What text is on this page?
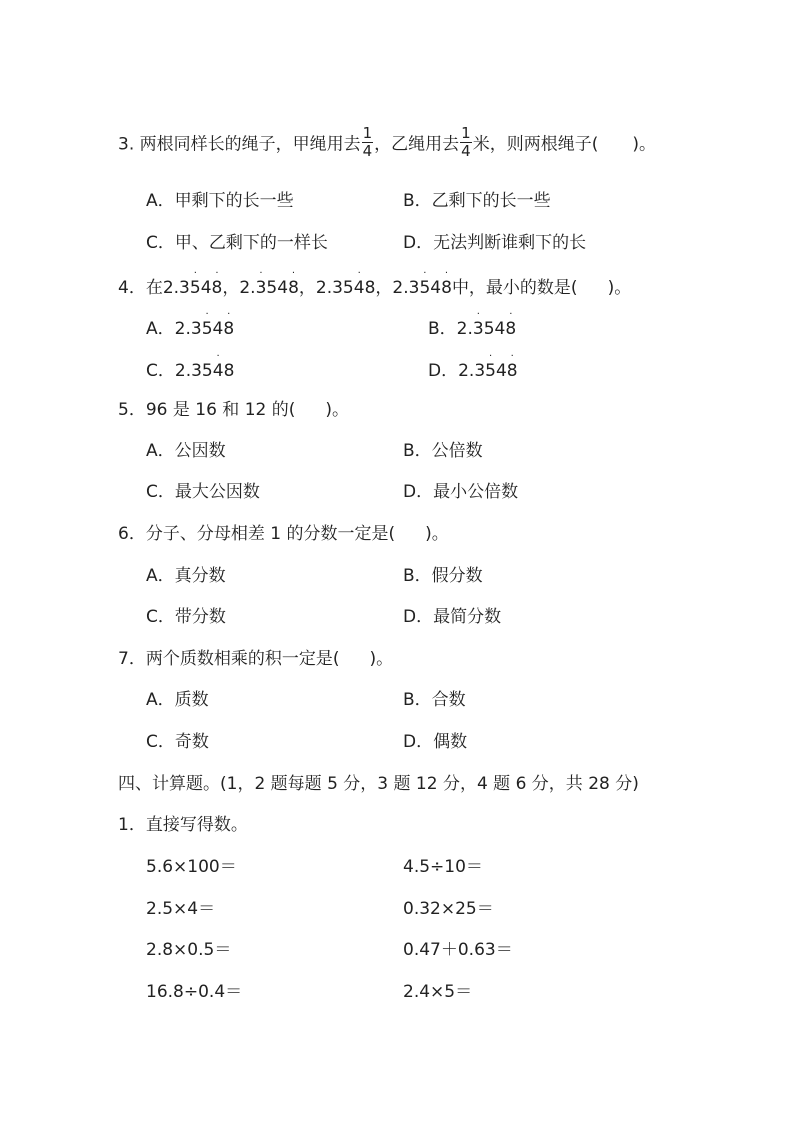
3. 两根同样长的绳子，甲绳用去 $\frac{1}{4}$ ，乙绳用去 $\frac{1}{4}$ 米，则两根绳子( )。
A．甲剩下的长一些	B．乙剩下的长一些
C．甲、乙剩下的一样长	D．无法判断谁剩下的长
4．在2.3
·
54
·
8，2.
·
354
·
8，2.35
·
48，2.3
·
54
·
8中，最小的数是( )。
A．2.3
·
54
·
8	B．2.
·
354
·
8
C．2.35
·
48	D．2.3
·
54
·
8
5．96 是 16 和 12 的( )。
A．公因数	B．公倍数
C．最大公因数	D．最小公倍数
6．分子、分母相差 1 的分数一定是( )。
A．真分数	B．假分数
C．带分数	D．最简分数
7．两个质数相乘的积一定是( )。
A．质数	B．合数
C．奇数	D．偶数
四、计算题。(1，2 题每题 5 分，3 题 12 分，4 题 6 分，共 28 分)
1．直接写得数。
5.6×100＝	4.5÷10＝
2.5×4＝	0.32×25＝
2.8×0.5＝	0.47＋0.63＝
16.8÷0.4＝	2.4×5＝
